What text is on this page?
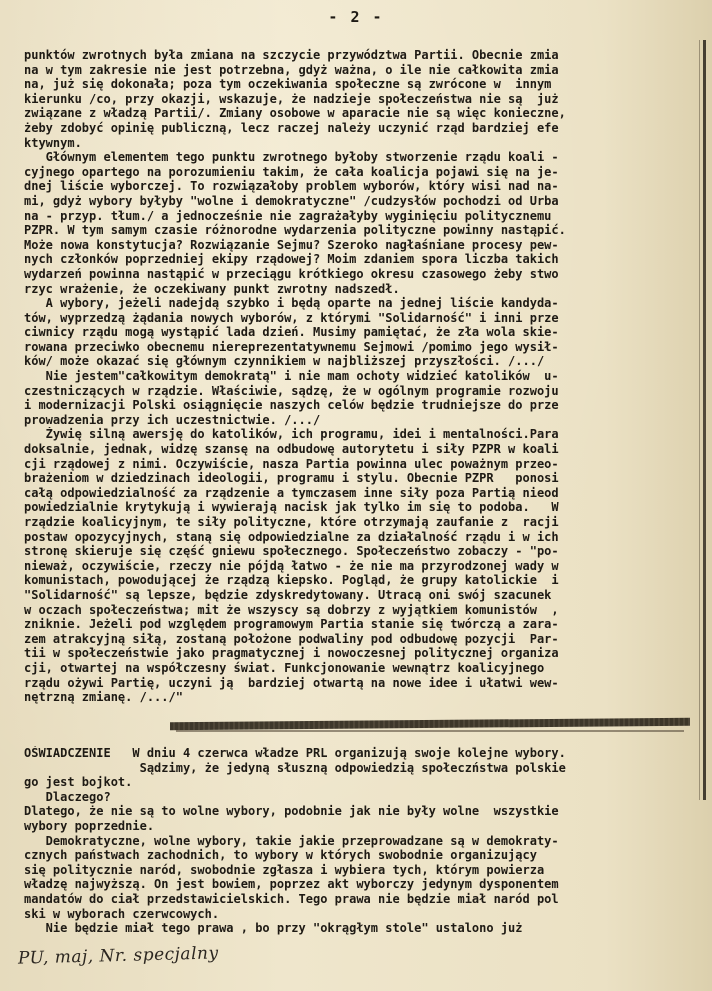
- 2 -
punktów zwrotnych była zmiana na szczycie przywództwa Partii. Obecnie zmia
na w tym zakresie nie jest potrzebna, gdyż ważna, o ile nie całkowita zmia
na, już się dokonała; poza tym oczekiwania społeczne są zwrócone w  innym
kierunku /co, przy okazji, wskazuje, że nadzieje społeczeństwa nie są  już
związane z władzą Partii/. Zmiany osobowe w aparacie nie są więc konieczne,
żeby zdobyć opinię publiczną, lecz raczej należy uczynić rząd bardziej efe
ktywnym.
Głównym elementem tego punktu zwrotnego byłoby stworzenie rządu koali -
cyjnego opartego na porozumieniu takim, że cała koalicja pojawi się na je-
dnej liście wyborczej. To rozwiązałoby problem wyborów, który wisi nad na-
mi, gdyż wybory byłyby "wolne i demokratyczne" /cudzysłów pochodzi od Urba
na - przyp. tłum./ a jednocześnie nie zagrażałyby wyginięciu politycznemu
PZPR. W tym samym czasie różnorodne wydarzenia polityczne powinny nastąpić.
Może nowa konstytucja? Rozwiązanie Sejmu? Szeroko nagłaśniane procesy pew-
nych członków poprzedniej ekipy rządowej? Moim zdaniem spora liczba takich
wydarzeń powinna nastąpić w przeciągu krótkiego okresu czasowego żeby stwo
rzyc wrażenie, że oczekiwany punkt zwrotny nadszedł.
A wybory, jeżeli nadejdą szybko i będą oparte na jednej liście kandyda-
tów, wyprzedzą żądania nowych wyborów, z którymi "Solidarność" i inni prze
ciwnicy rządu mogą wystąpić lada dzień. Musimy pamiętać, że zła wola skie-
rowana przeciwko obecnemu niereprezentatywnemu Sejmowi /pomimo jego wysił-
ków/ może okazać się głównym czynnikiem w najbliższej przyszłości. /.../
Nie jestem"całkowitym demokratą" i nie mam ochoty widzieć katolików  u-
czestniczących w rządzie. Właściwie, sądzę, że w ogólnym programie rozwoju
i modernizacji Polski osiągnięcie naszych celów będzie trudniejsze do prze
prowadzenia przy ich uczestnictwie. /.../
Żywię silną awersję do katolików, ich programu, idei i mentalności.Para
doksalnie, jednak, widzę szansę na odbudowę autorytetu i siły PZPR w koali
cji rządowej z nimi. Oczywiście, nasza Partia powinna ulec poważnym przeo-
brażeniom w dziedzinach ideologii, programu i stylu. Obecnie PZPR   ponosi
całą odpowiedzialność za rządzenie a tymczasem inne siły poza Partią nieod
powiedzialnie krytykują i wywierają nacisk jak tylko im się to podoba.   W
rządzie koalicyjnym, te siły polityczne, które otrzymają zaufanie z  racji
postaw opozycyjnych, staną się odpowiedzialne za działalność rządu i w ich
stronę skieruje się część gniewu społecznego. Społeczeństwo zobaczy - "po-
nieważ, oczywiście, rzeczy nie pójdą łatwo - że nie ma przyrodzonej wady w
komunistach, powodującej że rządzą kiepsko. Pogląd, że grupy katolickie  i
"Solidarność" są lepsze, będzie zdyskredytowany. Utracą oni swój szacunek
w oczach społeczeństwa; mit że wszyscy są dobrzy z wyjątkiem komunistów  ,
zniknie. Jeżeli pod względem programowym Partia stanie się twórczą a zara-
zem atrakcyjną siłą, zostaną położone podwaliny pod odbudowę pozycji  Par-
tii w społeczeństwie jako pragmatycznej i nowoczesnej politycznej organiza
cji, otwartej na współczesny świat. Funkcjonowanie wewnątrz koalicyjnego
rządu ożywi Partię, uczyni ją  bardziej otwartą na nowe idee i ułatwi wew-
nętrzną zmianę. /.../"
OŚWIADCZENIE   W dniu 4 czerwca władze PRL organizują swoje kolejne wybory.
Sądzimy, że jedyną słuszną odpowiedzią społeczństwa polskie
go jest bojkot.
Dlaczego?
Dlatego, że nie są to wolne wybory, podobnie jak nie były wolne  wszystkie
wybory poprzednie.
Demokratyczne, wolne wybory, takie jakie przeprowadzane są w demokraty-
cznych państwach zachodnich, to wybory w których swobodnie organizujący
się politycznie naród, swobodnie zgłasza i wybiera tych, którym powierza
władzę najwyższą. On jest bowiem, poprzez akt wyborczy jedynym dysponentem
mandatów do ciał przedstawicielskich. Tego prawa nie będzie miał naród pol
ski w wyborach czerwcowych.
Nie będzie miał tego prawa , bo przy "okrągłym stole" ustalono już
PU, maj, Nr. specjalny
